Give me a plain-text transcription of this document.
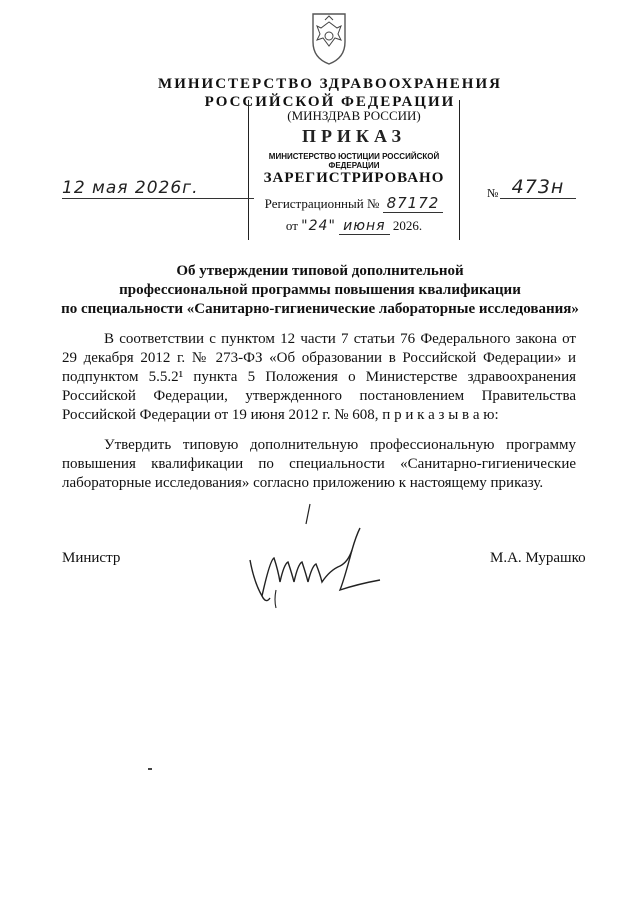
МИНИСТЕРСТВО ЗДРАВООХРАНЕНИЯ
РОССИЙСКОЙ ФЕДЕРАЦИИ
(МИНЗДРАВ РОССИИ)
ПРИКАЗ
МИНИСТЕРСТВО ЮСТИЦИИ РОССИЙСКОЙ ФЕДЕРАЦИИ
ЗАРЕГИСТРИРОВАНО
Регистрационный № 87172
от "24" июня 2026.
12 мая 2026г.	№ 473н
Об утверждении типовой дополнительной
профессиональной программы повышения квалификации
по специальности «Санитарно-гигиенические лабораторные исследования»
В соответствии с пунктом 12 части 7 статьи 76 Федерального закона от 29 декабря 2012 г. № 273-ФЗ «Об образовании в Российской Федерации» и подпунктом 5.5.2¹ пункта 5 Положения о Министерстве здравоохранения Российской Федерации, утвержденного постановлением Правительства Российской Федерации от 19 июня 2012 г. № 608, п р и к а з ы в а ю:
Утвердить типовую дополнительную профессиональную программу повышения квалификации по специальности «Санитарно-гигиенические лабораторные исследования» согласно приложению к настоящему приказу.
Министр	М.А. Мурашко
